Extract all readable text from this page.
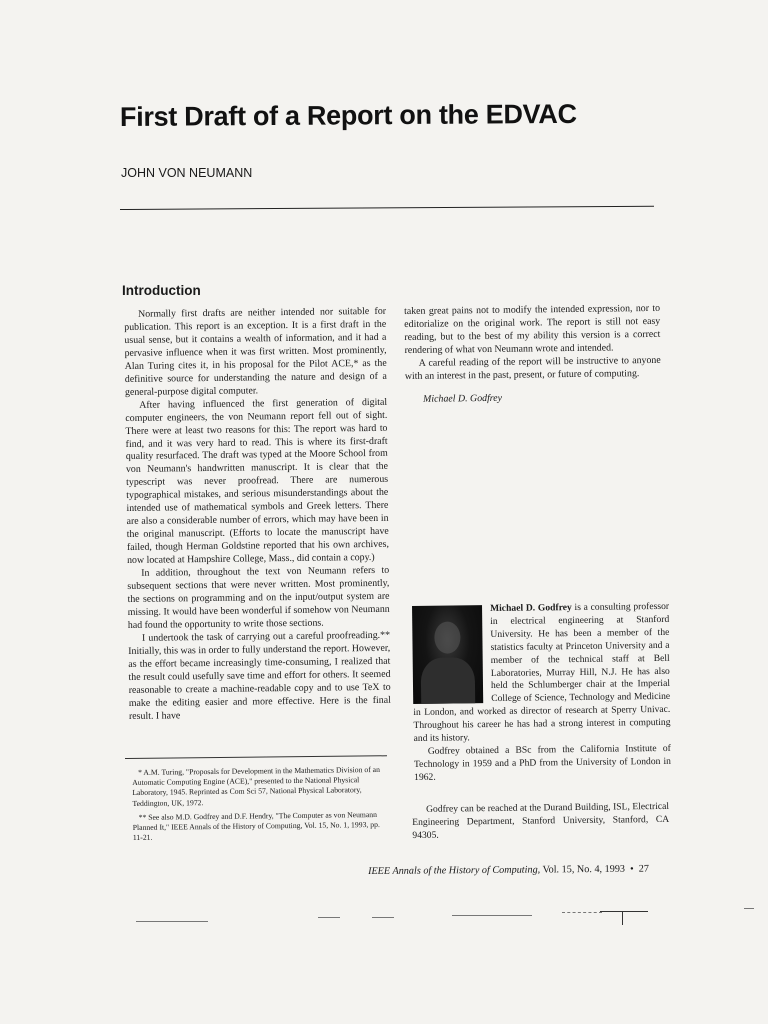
First Draft of a Report on the EDVAC

JOHN VON NEUMANN

Introduction

Normally first drafts are neither intended nor suitable for publication. This report is an exception. It is a first draft in the usual sense, but it contains a wealth of information, and it had a pervasive influence when it was first written. Most prominently, Alan Turing cites it, in his proposal for the Pilot ACE,* as the definitive source for understanding the nature and design of a general-purpose digital computer.

After having influenced the first generation of digital computer engineers, the von Neumann report fell out of sight. There were at least two reasons for this: The report was hard to find, and it was very hard to read. This is where its first-draft quality resurfaced. The draft was typed at the Moore School from von Neumann's handwritten manuscript. It is clear that the typescript was never proofread. There are numerous typographical mistakes, and serious misunderstandings about the intended use of mathematical symbols and Greek letters. There are also a considerable number of errors, which may have been in the original manuscript. (Efforts to locate the manuscript have failed, though Herman Goldstine reported that his own archives, now located at Hampshire College, Mass., did contain a copy.)

In addition, throughout the text von Neumann refers to subsequent sections that were never written. Most prominently, the sections on programming and on the input/output system are missing. It would have been wonderful if somehow von Neumann had found the opportunity to write those sections.

I undertook the task of carrying out a careful proofreading.** Initially, this was in order to fully understand the report. However, as the effort became increasingly time-consuming, I realized that the result could usefully save time and effort for others. It seemed reasonable to create a machine-readable copy and to use TeX to make the editing easier and more effective. Here is the final result. I have

taken great pains not to modify the intended expression, nor to editorialize on the original work. The report is still not easy reading, but to the best of my ability this version is a correct rendering of what von Neumann wrote and intended.

A careful reading of the report will be instructive to anyone with an interest in the past, present, or future of computing.

Michael D. Godfrey

* A.M. Turing, "Proposals for Development in the Mathematics Division of an Automatic Computing Engine (ACE)," presented to the National Physical Laboratory, 1945. Reprinted as Com Sci 57, National Physical Laboratory, Teddington, UK, 1972.

** See also M.D. Godfrey and D.F. Hendry, "The Computer as von Neumann Planned It," IEEE Annals of the History of Computing, Vol. 15, No. 1, 1993, pp. 11-21.

Michael D. Godfrey is a consulting professor in electrical engineering at Stanford University. He has been a member of the statistics faculty at Princeton University and a member of the technical staff at Bell Laboratories, Murray Hill, N.J. He has also held the Schlumberger chair at the Imperial College of Science, Technology and Medicine in London, and worked as director of research at Sperry Univac. Throughout his career he has had a strong interest in computing and its history.

Godfrey obtained a BSc from the California Institute of Technology in 1959 and a PhD from the University of London in 1962.

Godfrey can be reached at the Durand Building, ISL, Electrical Engineering Department, Stanford University, Stanford, CA 94305.

IEEE Annals of the History of Computing, Vol. 15, No. 4, 1993 • 27
